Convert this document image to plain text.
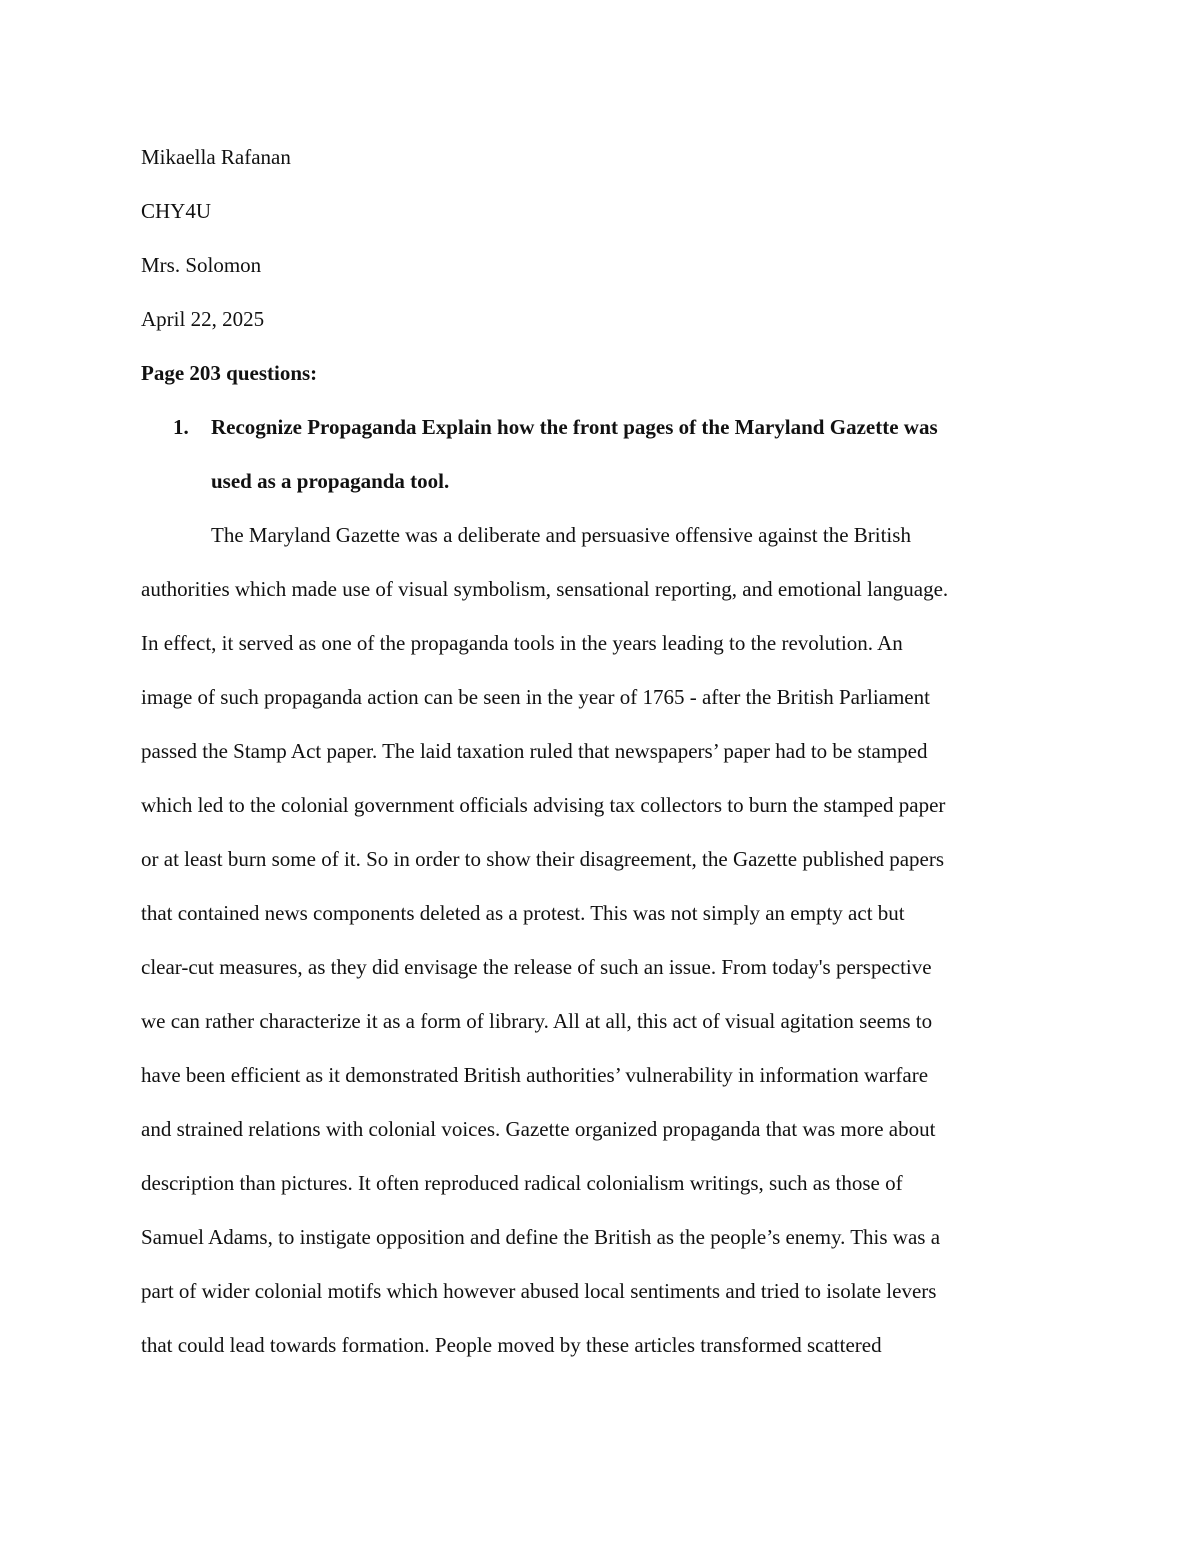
Mikaella Rafanan

CHY4U

Mrs. Solomon

April 22, 2025

Page 203 questions:

1. Recognize Propaganda Explain how the front pages of the Maryland Gazette was

used as a propaganda tool.

The Maryland Gazette was a deliberate and persuasive offensive against the British

authorities which made use of visual symbolism, sensational reporting, and emotional language.

In effect, it served as one of the propaganda tools in the years leading to the revolution. An

image of such propaganda action can be seen in the year of 1765 - after the British Parliament

passed the Stamp Act paper. The laid taxation ruled that newspapers’ paper had to be stamped

which led to the colonial government officials advising tax collectors to burn the stamped paper

or at least burn some of it. So in order to show their disagreement, the Gazette published papers

that contained news components deleted as a protest. This was not simply an empty act but

clear-cut measures, as they did envisage the release of such an issue. From today's perspective

we can rather characterize it as a form of library. All at all, this act of visual agitation seems to

have been efficient as it demonstrated British authorities’ vulnerability in information warfare

and strained relations with colonial voices. Gazette organized propaganda that was more about

description than pictures. It often reproduced radical colonialism writings, such as those of

Samuel Adams, to instigate opposition and define the British as the people’s enemy. This was a

part of wider colonial motifs which however abused local sentiments and tried to isolate levers

that could lead towards formation. People moved by these articles transformed scattered
